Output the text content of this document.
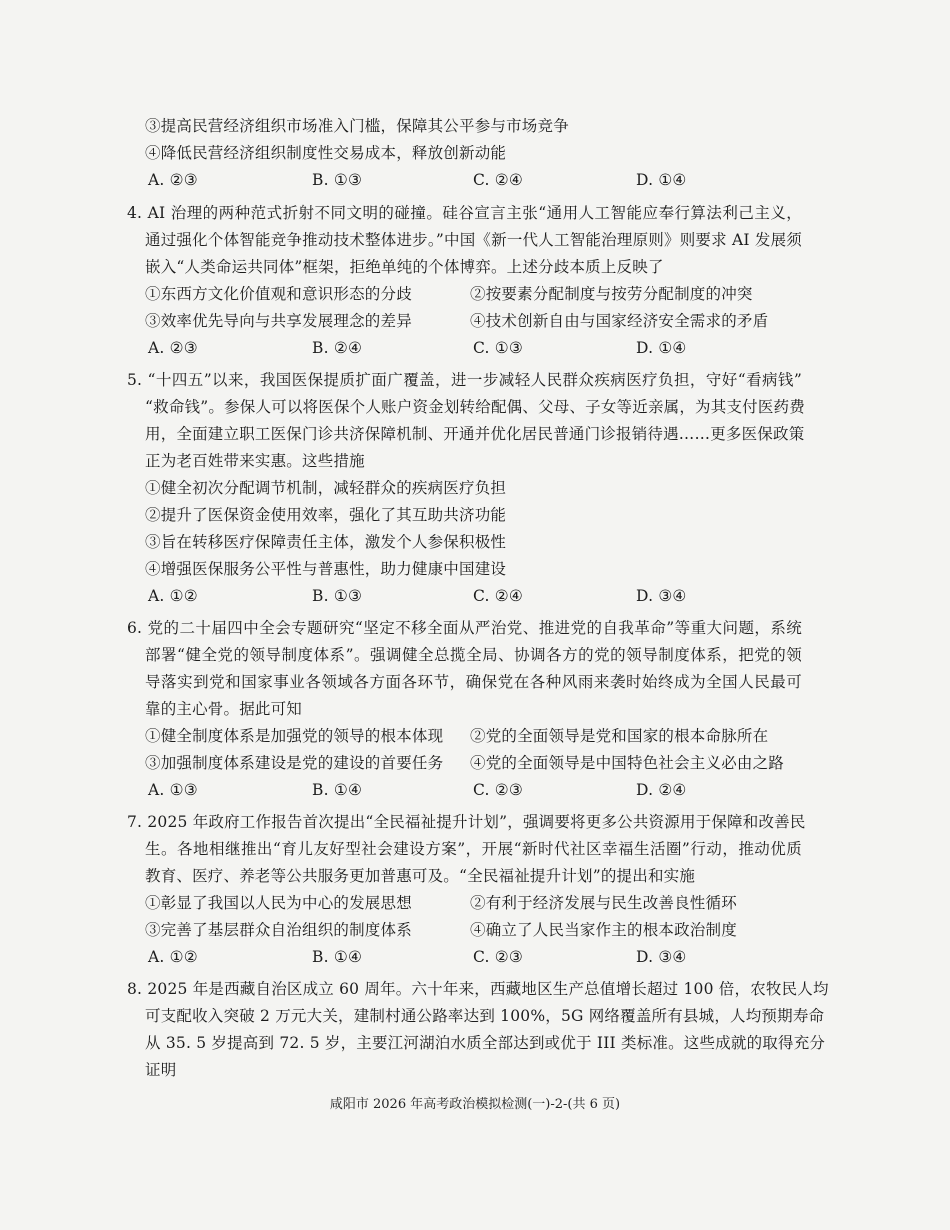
③提高民营经济组织市场准入门槛，保障其公平参与市场竞争
④降低民营经济组织制度性交易成本，释放创新动能
A. ②③	B. ①③	C. ②④	D. ①④
4. AI 治理的两种范式折射不同文明的碰撞。硅谷宣言主张“通用人工智能应奉行算法利己主义，
通过强化个体智能竞争推动技术整体进步。”中国《新一代人工智能治理原则》则要求 AI 发展须
嵌入“人类命运共同体”框架，拒绝单纯的个体博弈。上述分歧本质上反映了
①东西方文化价值观和意识形态的分歧	②按要素分配制度与按劳分配制度的冲突
③效率优先导向与共享发展理念的差异	④技术创新自由与国家经济安全需求的矛盾
A. ②③	B. ②④	C. ①③	D. ①④
5. “十四五”以来，我国医保提质扩面广覆盖，进一步减轻人民群众疾病医疗负担，守好“看病钱”
“救命钱”。参保人可以将医保个人账户资金划转给配偶、父母、子女等近亲属，为其支付医药费
用，全面建立职工医保门诊共济保障机制、开通并优化居民普通门诊报销待遇……更多医保政策
正为老百姓带来实惠。这些措施
①健全初次分配调节机制，减轻群众的疾病医疗负担
②提升了医保资金使用效率，强化了其互助共济功能
③旨在转移医疗保障责任主体，激发个人参保积极性
④增强医保服务公平性与普惠性，助力健康中国建设
A. ①②	B. ①③	C. ②④	D. ③④
6. 党的二十届四中全会专题研究“坚定不移全面从严治党、推进党的自我革命”等重大问题，系统
部署“健全党的领导制度体系”。强调健全总揽全局、协调各方的党的领导制度体系，把党的领
导落实到党和国家事业各领域各方面各环节，确保党在各种风雨来袭时始终成为全国人民最可
靠的主心骨。据此可知
①健全制度体系是加强党的领导的根本体现 ②党的全面领导是党和国家的根本命脉所在
③加强制度体系建设是党的建设的首要任务 ④党的全面领导是中国特色社会主义必由之路
A. ①③	B. ①④	C. ②③	D. ②④
7. 2025 年政府工作报告首次提出“全民福祉提升计划”，强调要将更多公共资源用于保障和改善民
生。各地相继推出“育儿友好型社会建设方案”，开展“新时代社区幸福生活圈”行动，推动优质
教育、医疗、养老等公共服务更加普惠可及。“全民福祉提升计划”的提出和实施
①彰显了我国以人民为中心的发展思想	②有利于经济发展与民生改善良性循环
③完善了基层群众自治组织的制度体系	④确立了人民当家作主的根本政治制度
A. ①②	B. ①④	C. ②③	D. ③④
8. 2025 年是西藏自治区成立 60 周年。六十年来，西藏地区生产总值增长超过 100 倍，农牧民人均
可支配收入突破 2 万元大关，建制村通公路率达到 100%，5G 网络覆盖所有县城，人均预期寿命
从 35. 5 岁提高到 72. 5 岁，主要江河湖泊水质全部达到或优于 III 类标准。这些成就的取得充分
证明
咸阳市 2026 年高考政治模拟检测(一)-2-(共 6 页)
